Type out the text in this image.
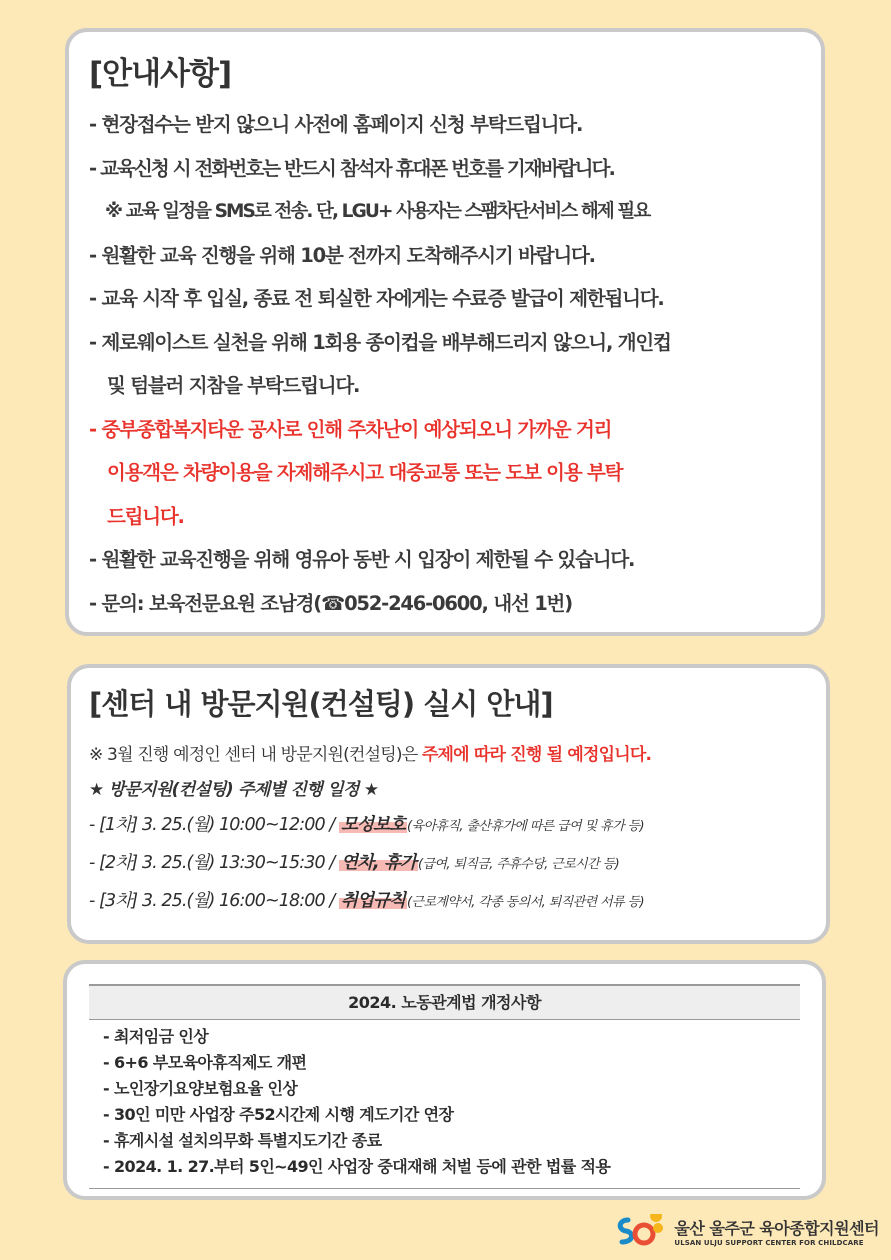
[안내사항]
- 현장접수는 받지 않으니 사전에 홈페이지 신청 부탁드립니다.
- 교육신청 시 전화번호는 반드시 참석자 휴대폰 번호를 기재바랍니다.
※ 교육 일정을 SMS로 전송. 단, LGU+ 사용자는 스팸차단서비스 해제 필요
- 원활한 교육 진행을 위해 10분 전까지 도착해주시기 바랍니다.
- 교육 시작 후 입실, 종료 전 퇴실한 자에게는 수료증 발급이 제한됩니다.
- 제로웨이스트 실천을 위해 1회용 종이컵을 배부해드리지 않으니, 개인컵
및 텀블러 지참을 부탁드립니다.
- 중부종합복지타운 공사로 인해 주차난이 예상되오니 가까운 거리
이용객은 차량이용을 자제해주시고 대중교통 또는 도보 이용 부탁
드립니다.
- 원활한 교육진행을 위해 영유아 동반 시 입장이 제한될 수 있습니다.
- 문의: 보육전문요원 조남경(☎052-246-0600, 내선 1번)
[센터 내 방문지원(컨설팅) 실시 안내]
※ 3월 진행 예정인 센터 내 방문지원(컨설팅)은 주제에 따라 진행 될 예정입니다.
★ 방문지원(컨설팅) 주제별 진행 일정 ★
- [1차] 3. 25.(월) 10:00~12:00 / 모성보호 (육아휴직, 출산휴가에 따른 급여 및 휴가 등)
- [2차] 3. 25.(월) 13:30~15:30 / 연차, 휴가 (급여, 퇴직금, 주휴수당, 근로시간 등)
- [3차] 3. 25.(월) 16:00~18:00 / 취업규칙 (근로계약서, 각종 동의서, 퇴직관련 서류 등)
2024. 노동관계법 개정사항
- 최저임금 인상
- 6+6 부모육아휴직제도 개편
- 노인장기요양보험요율 인상
- 30인 미만 사업장 주52시간제 시행 계도기간 연장
- 휴게시설 설치의무화 특별지도기간 종료
- 2024. 1. 27.부터 5인~49인 사업장 중대재해 처벌 등에 관한 법률 적용
울산 울주군 육아종합지원센터
ULSAN ULJU SUPPORT CENTER FOR CHILDCARE
